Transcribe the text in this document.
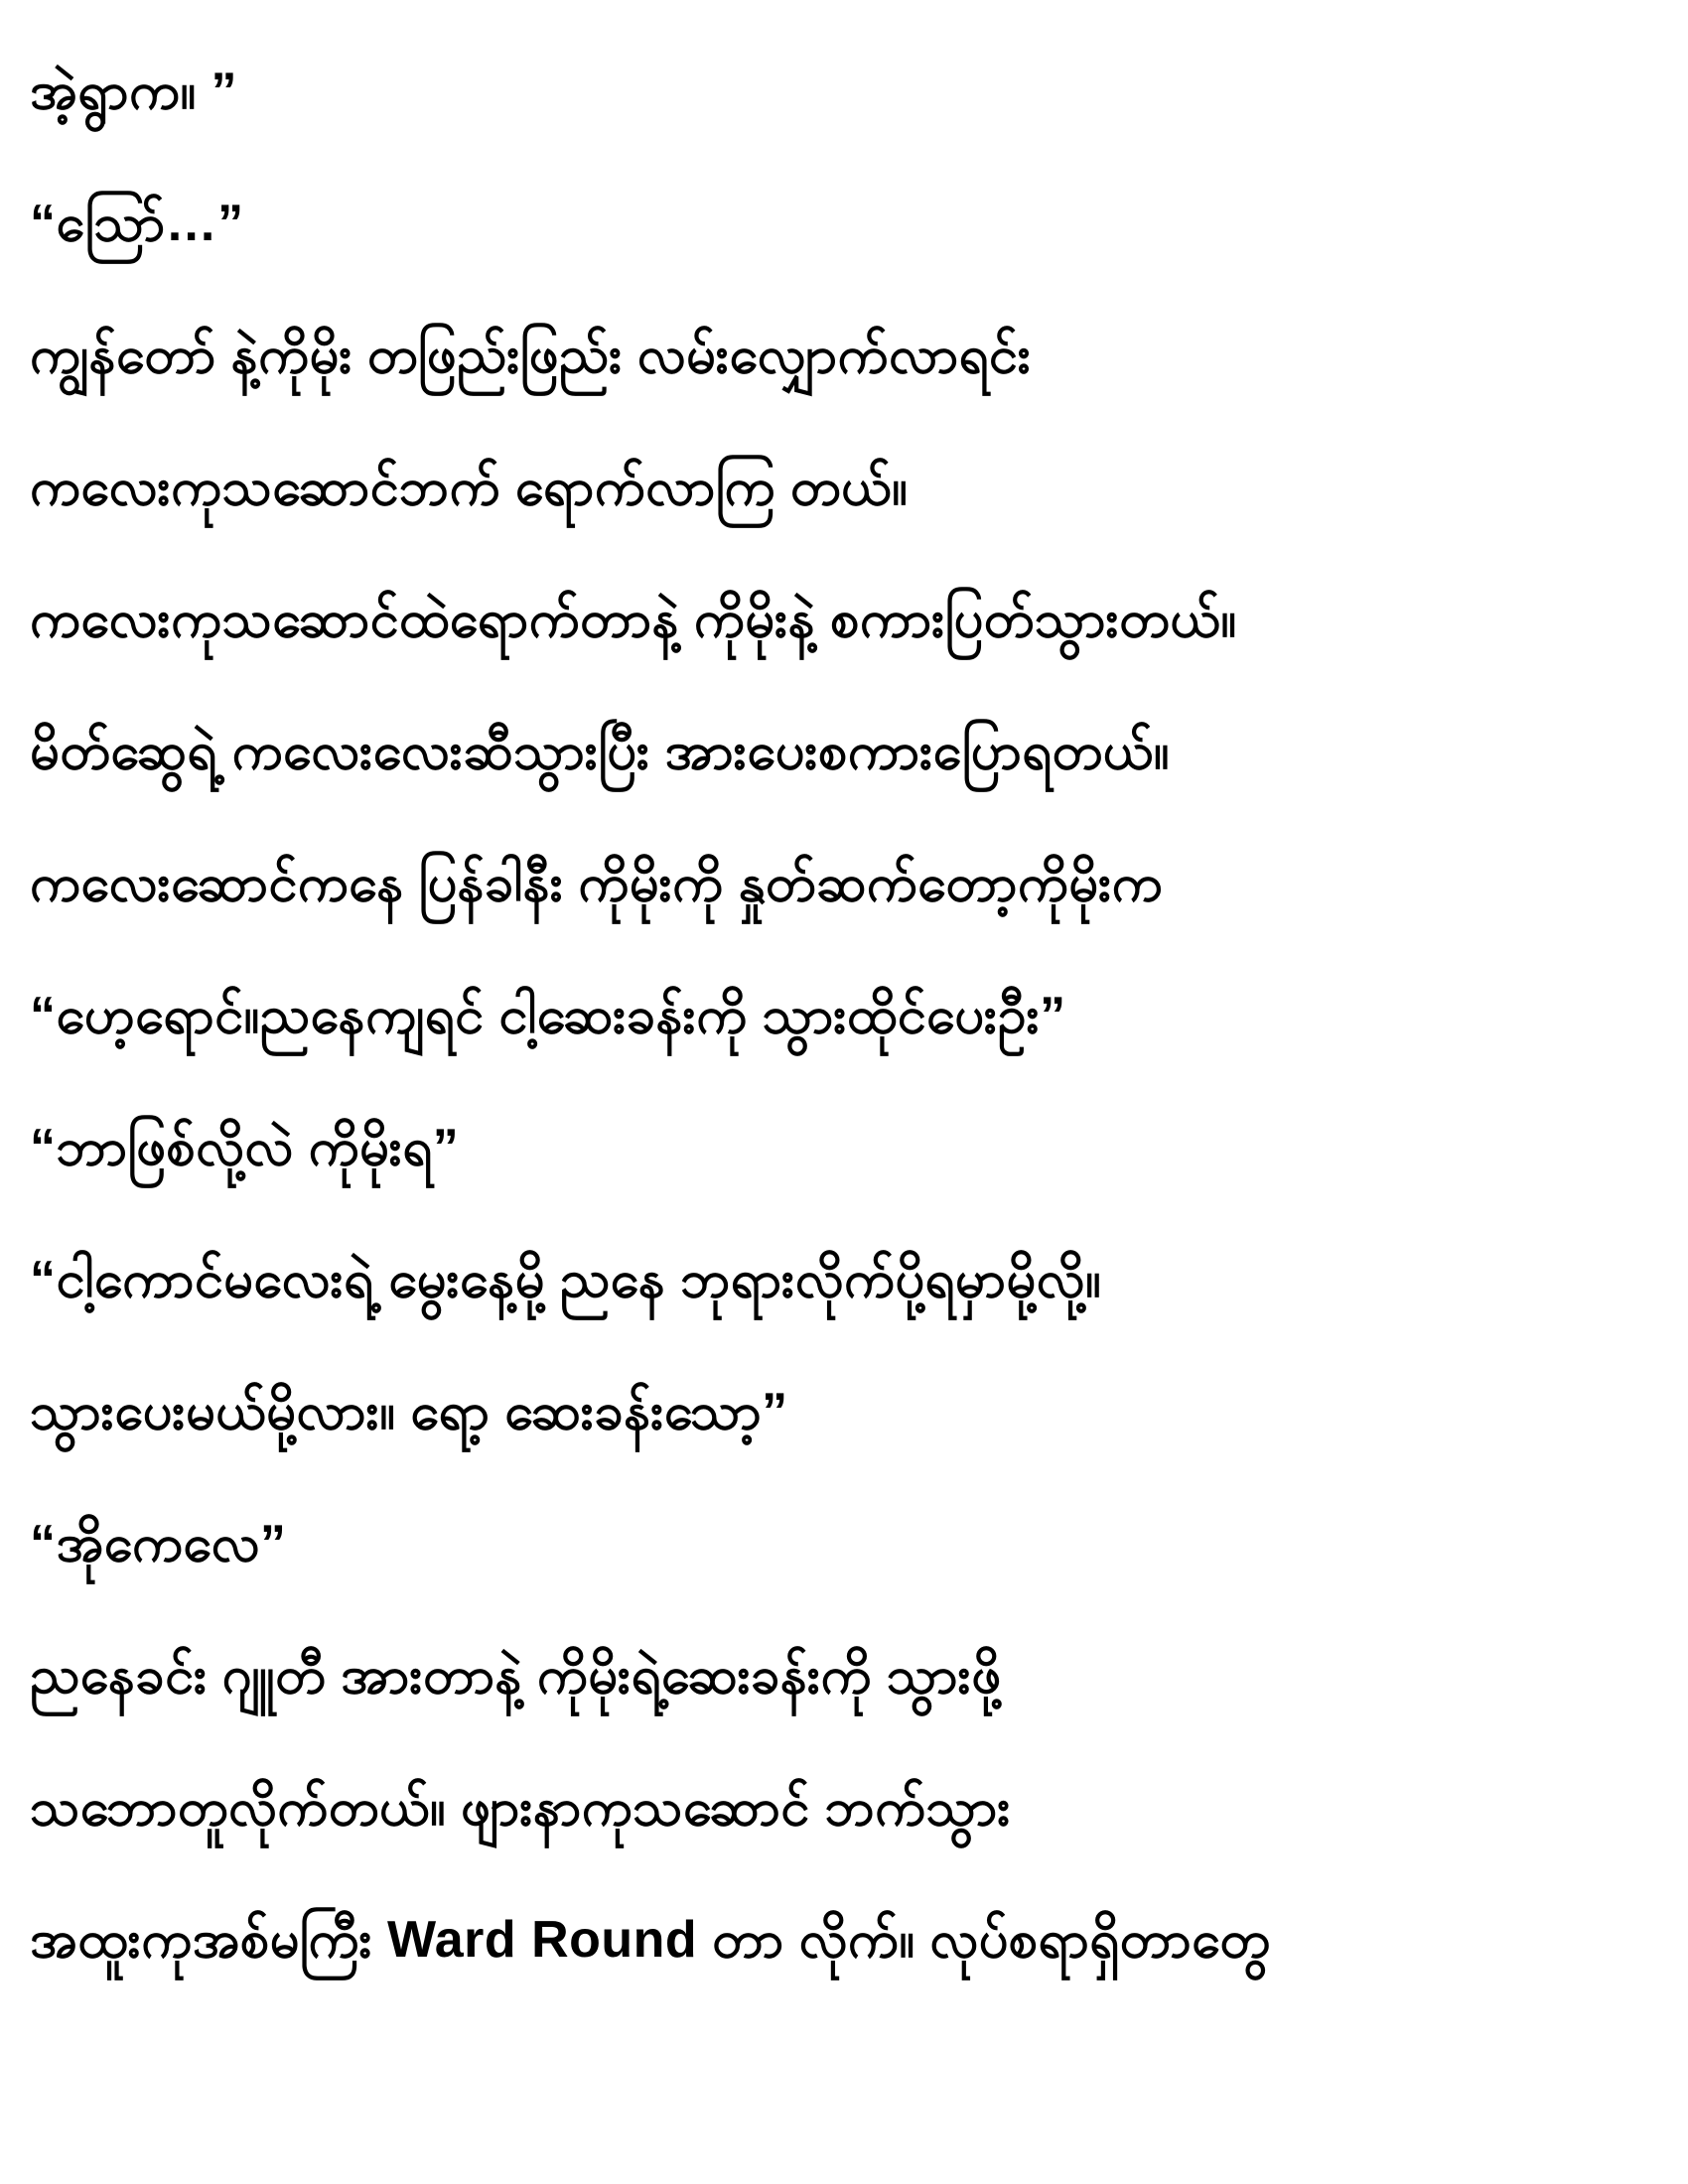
အဲ့ရွာက။ ”

“သြော်…”

ကျွန်တော် နဲ့ကိုမိုး တဖြည်းဖြည်း လမ်းလျှောက်လာရင်း

ကလေးကုသဆောင်ဘက် ရောက်လာကြ တယ်။

ကလေးကုသဆောင်ထဲရောက်တာနဲ့ ကိုမိုးနဲ့ စကားပြတ်သွားတယ်။

မိတ်ဆွေရဲ့ ကလေးလေးဆီသွားပြီး အားပေးစကားပြောရတယ်။

ကလေးဆောင်ကနေ ပြန်ခါနီး ကိုမိုးကို နှုတ်ဆက်တော့ကိုမိုးက

“ဟေ့ရောင်။ညနေကျရင် ငါ့ဆေးခန်းကို သွားထိုင်ပေးဦး”

“ဘာဖြစ်လို့လဲ ကိုမိုးရ”

“ငါ့ကောင်မလေးရဲ့ မွေးနေ့မို့ ညနေ ဘုရားလိုက်ပို့ရမှာမို့လို့။

သွားပေးမယ်မို့လား။ ရော့ ဆေးခန်းသော့”

“အိုကေလေ”

ညနေခင်း ဂျူတီ အားတာနဲ့ ကိုမိုးရဲ့ဆေးခန်းကို သွားဖို့

သဘောတူလိုက်တယ်။ ဖျားနာကုသဆောင် ဘက်သွား

အထူးကုအစ်မကြီး Ward Round တာ လိုက်။ လုပ်စရာရှိတာတွေ
